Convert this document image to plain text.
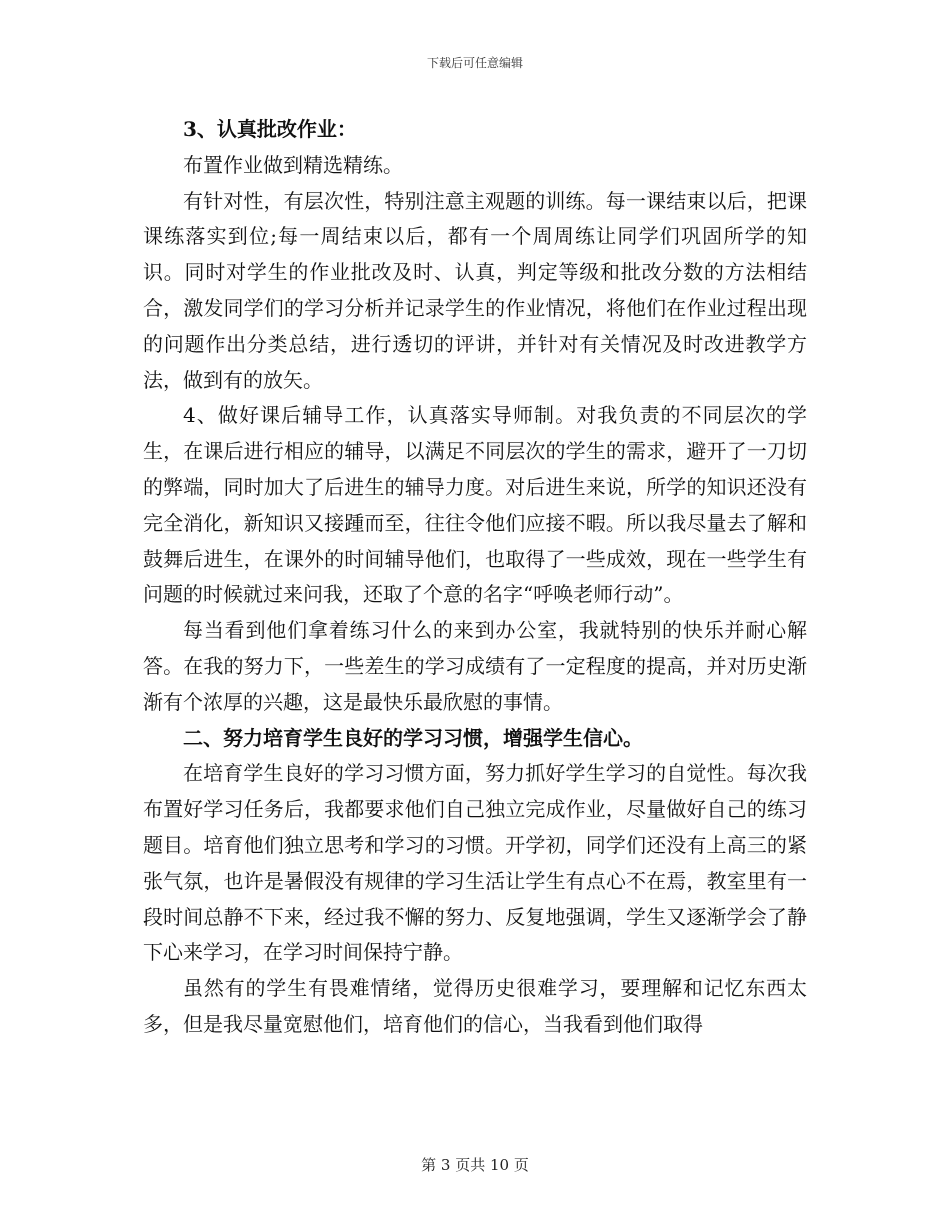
下载后可任意编辑

3、认真批改作业：

布置作业做到精选精练。

有针对性，有层次性，特别注意主观题的训练。每一课结束以后，把课课练落实到位;每一周结束以后，都有一个周周练让同学们巩固所学的知识。同时对学生的作业批改及时、认真，判定等级和批改分数的方法相结合，激发同学们的学习分析并记录学生的作业情况，将他们在作业过程出现的问题作出分类总结，进行透切的评讲，并针对有关情况及时改进教学方法，做到有的放矢。

4、做好课后辅导工作，认真落实导师制。对我负责的不同层次的学生，在课后进行相应的辅导，以满足不同层次的学生的需求，避开了一刀切的弊端，同时加大了后进生的辅导力度。对后进生来说，所学的知识还没有完全消化，新知识又接踵而至，往往令他们应接不暇。所以我尽量去了解和鼓舞后进生，在课外的时间辅导他们，也取得了一些成效，现在一些学生有问题的时候就过来问我，还取了个意的名字“呼唤老师行动”。

每当看到他们拿着练习什么的来到办公室，我就特别的快乐并耐心解答。在我的努力下，一些差生的学习成绩有了一定程度的提高，并对历史渐渐有个浓厚的兴趣，这是最快乐最欣慰的事情。

二、努力培育学生良好的学习习惯，增强学生信心。

在培育学生良好的学习习惯方面，努力抓好学生学习的自觉性。每次我布置好学习任务后，我都要求他们自己独立完成作业，尽量做好自己的练习题目。培育他们独立思考和学习的习惯。开学初，同学们还没有上高三的紧张气氛，也许是暑假没有规律的学习生活让学生有点心不在焉，教室里有一段时间总静不下来，经过我不懈的努力、反复地强调，学生又逐渐学会了静下心来学习，在学习时间保持宁静。

虽然有的学生有畏难情绪，觉得历史很难学习，要理解和记忆东西太多，但是我尽量宽慰他们，培育他们的信心，当我看到他们取得

第 3 页共 10 页
